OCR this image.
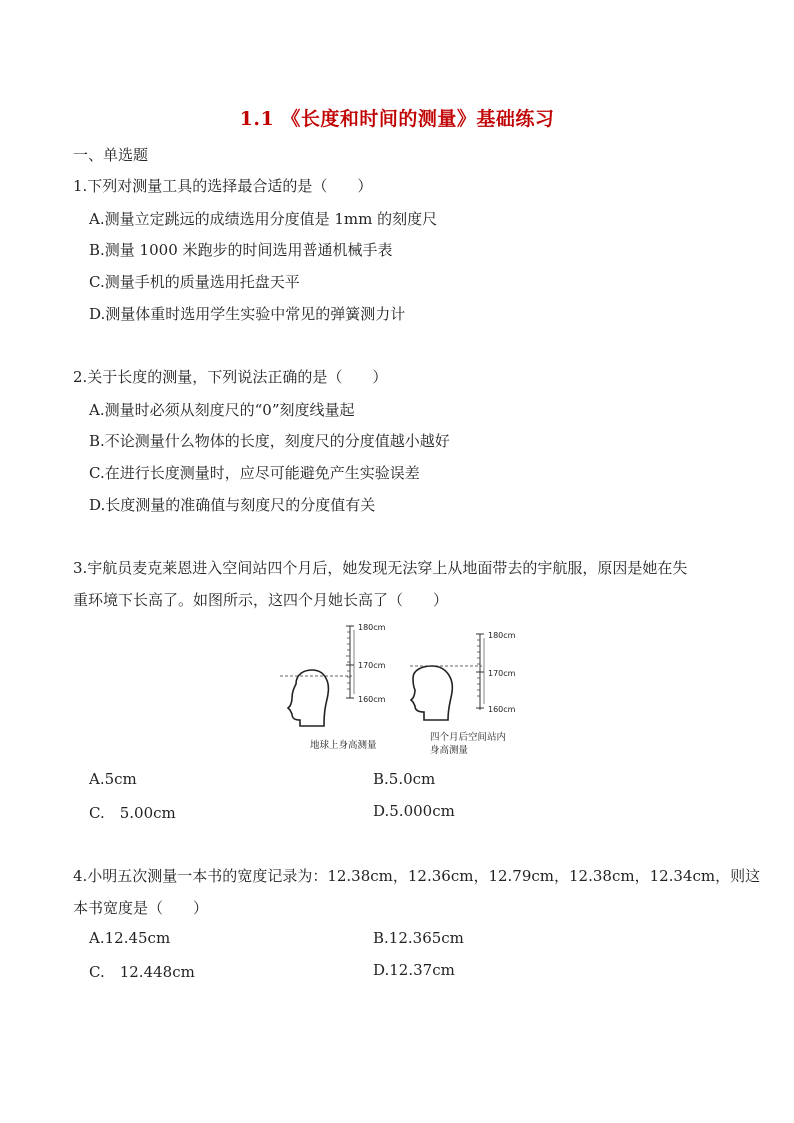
1.1 《长度和时间的测量》基础练习
一、单选题
1.下列对测量工具的选择最合适的是（　　）
A.测量立定跳远的成绩选用分度值是 1mm 的刻度尺
B.测量 1000 米跑步的时间选用普通机械手表
C.测量手机的质量选用托盘天平
D.测量体重时选用学生实验中常见的弹簧测力计
2.关于长度的测量，下列说法正确的是（　　）
A.测量时必须从刻度尺的“0”刻度线量起
B.不论测量什么物体的长度，刻度尺的分度值越小越好
C.在进行长度测量时，应尽可能避免产生实验误差
D.长度测量的准确值与刻度尺的分度值有关
3.宇航员麦克莱恩进入空间站四个月后，她发现无法穿上从地面带去的宇航服，原因是她在失
重环境下长高了。如图所示，这四个月她长高了（　　）
180cm
170cm
160cm
地球上身高测量
180cm
170cm
160cm
四个月后空间站内
身高测量
A.5cm	B.5.0cm
C.　5.00cm	D.5.000cm
4.小明五次测量一本书的宽度记录为：12.38cm，12.36cm，12.79cm，12.38cm，12.34cm，则这
本书宽度是（　　）
A.12.45cm	B.12.365cm
C.　12.448cm	D.12.37cm
